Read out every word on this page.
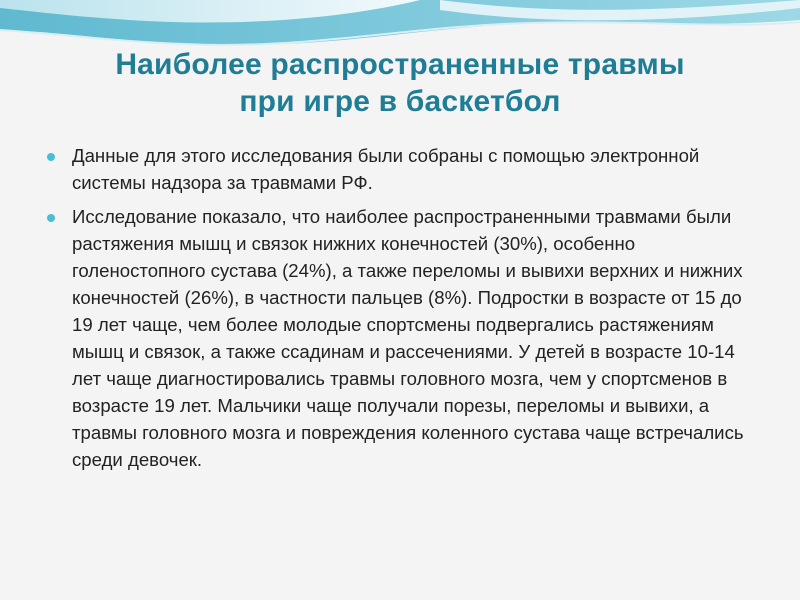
Наиболее распространенные травмы
при игре в баскетбол
Данные для этого исследования были собраны с помощью электронной системы надзора за травмами РФ.
Исследование показало, что наиболее распространенными травмами были растяжения мышц и связок нижних конечностей (30%), особенно голеностопного сустава (24%), а также переломы и вывихи верхних и нижних конечностей (26%), в частности пальцев (8%). Подростки в возрасте от 15 до 19 лет чаще, чем более молодые спортсмены подвергались растяжениям мышц и связок, а также ссадинам и рассечениями. У детей в возрасте 10-14 лет чаще диагностировались травмы головного мозга, чем у спортсменов в возрасте 19 лет. Мальчики чаще получали порезы, переломы и вывихи, а травмы головного мозга и повреждения коленного сустава чаще встречались среди девочек.
